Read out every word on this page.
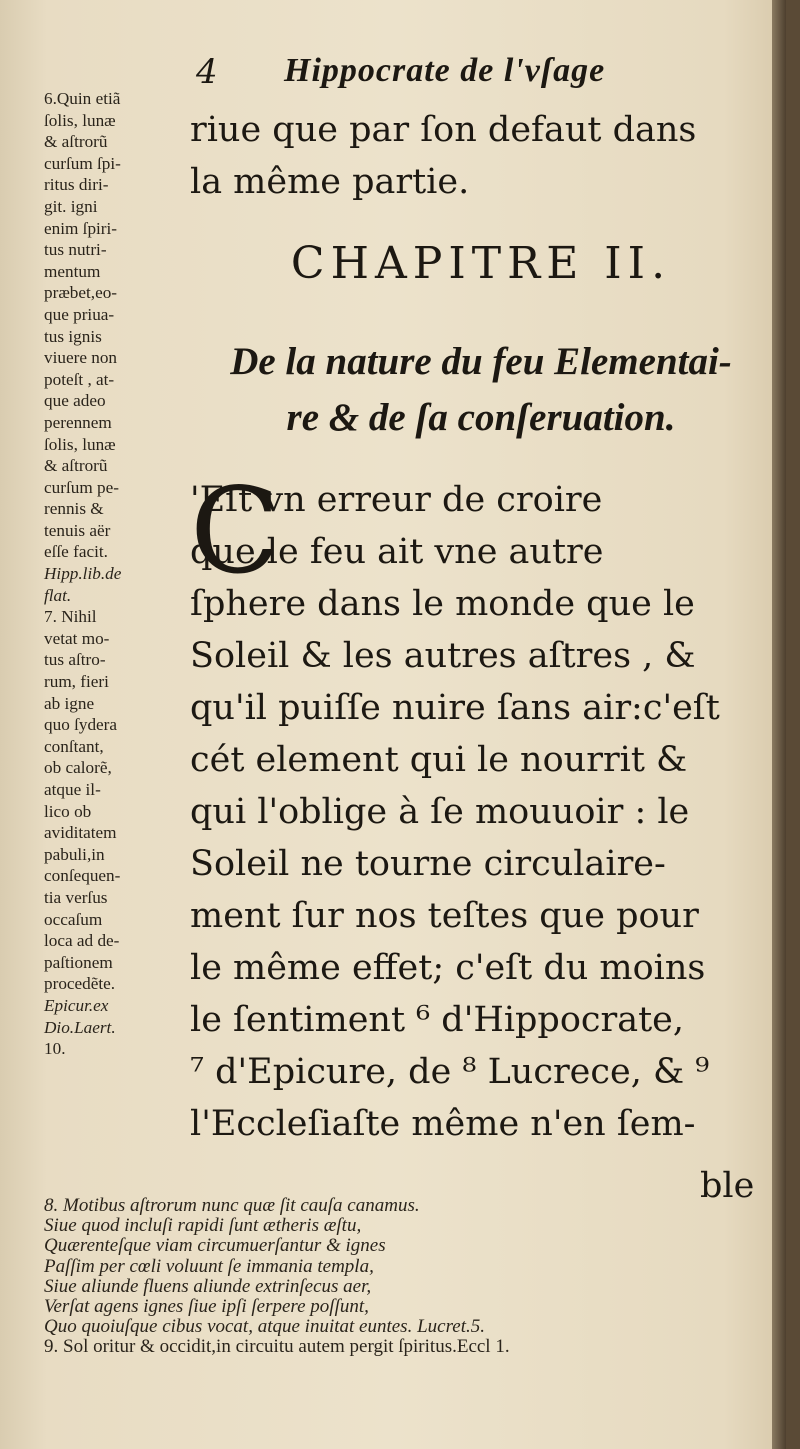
4 Hippocrate de l'vſage
6.Quin etiã
ſolis, lunæ
& aſtrorũ
curſum ſpi-
ritus diri-
git. igni
enim ſpiri-
tus nutri-
mentum
præbet,eo-
que priua-
tus ignis
viuere non
poteſt , at-
que adeo
perennem
ſolis, lunæ
& aſtrorũ
curſum pe-
rennis &
tenuis aër
eſſe facit.
Hipp.lib.de
flat.
7. Nihil
vetat mo-
tus aſtro-
rum, fieri
ab igne
quo ſydera
conſtant,
ob calorẽ,
atque il-
lico ob
aviditatem
pabuli,in
conſequen-
tia verſus
occaſum
loca ad de-
paſtionem
procedẽte.
Epicur.ex
Dio.Laert.
10.
riue que par ſon defaut dans
la même partie.
CHAPITRE II.
De la nature du feu Elementai-
re & de ſa conſeruation.
C
'Eſt vn erreur de croire
que le feu ait vne autre
ſphere dans le monde que le
Soleil & les autres aſtres , &
qu'il puiſſe nuire ſans air:c'eſt
cét element qui le nourrit &
qui l'oblige à ſe mouuoir : le
Soleil ne tourne circulaire-
ment ſur nos teſtes que pour
le même effet; c'eſt du moins
le ſentiment ⁶ d'Hippocrate,
⁷ d'Epicure, de ⁸ Lucrece, & ⁹
l'Eccleſiaſte même n'en ſem-
ble
8. Motibus aſtrorum nunc quæ ſit cauſa canamus.
Siue quod incluſi rapidi ſunt ætheris æſtu,
Quærenteſque viam circumuerſantur & ignes
Paſſim per cœli voluunt ſe immania templa,
Siue aliunde fluens aliunde extrinſecus aer,
Verſat agens ignes ſiue ipſi ſerpere poſſunt,
Quo quoiuſque cibus vocat, atque inuitat euntes. Lucret.5.
9. Sol oritur & occidit,in circuitu autem pergit ſpiritus.Eccl 1.
